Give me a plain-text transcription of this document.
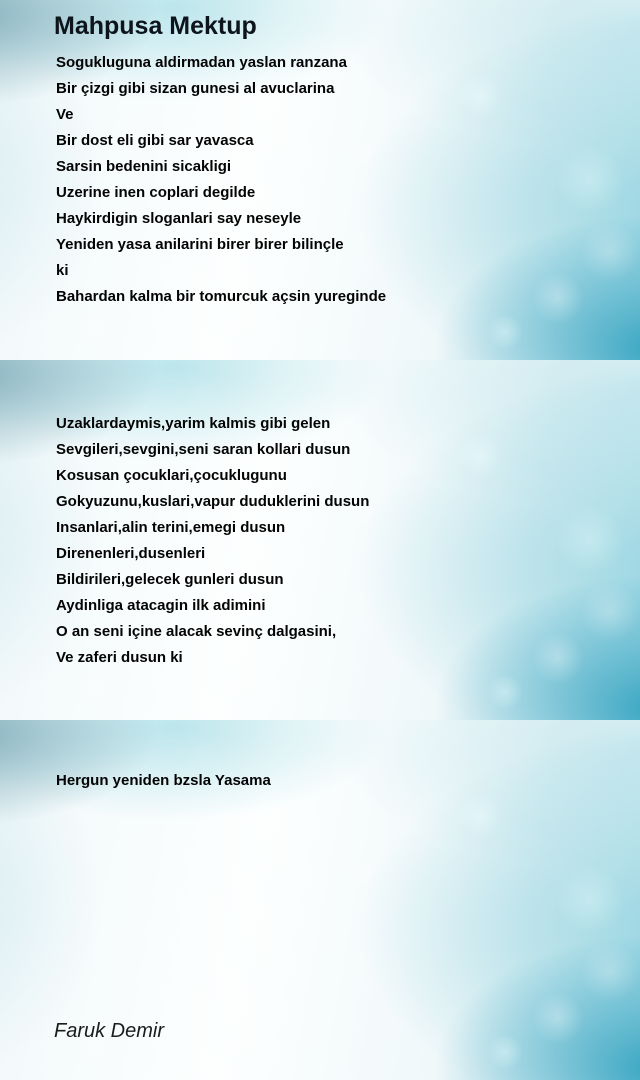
Mahpusa Mektup
Sogukluguna aldirmadan yaslan ranzana
Bir çizgi gibi sizan gunesi al avuclarina
Ve
Bir dost eli gibi sar yavasca
Sarsin bedenini sicakligi
Uzerine inen coplari degilde
Haykirdigin sloganlari say neseyle
Yeniden yasa anilarini birer birer bilinçle
ki
Bahardan kalma bir tomurcuk açsin yureginde
Uzaklardaymis,yarim kalmis gibi gelen
Sevgileri,sevgini,seni saran kollari dusun
Kosusan çocuklari,çocuklugunu
Gokyuzunu,kuslari,vapur duduklerini dusun
Insanlari,alin terini,emegi dusun
Direnenleri,dusenleri
Bildirileri,gelecek gunleri dusun
Aydinliga atacagin ilk adimini
O an seni içine alacak sevinç dalgasini,
Ve zaferi dusun ki
Hergun yeniden bzsla Yasama
Faruk Demir
